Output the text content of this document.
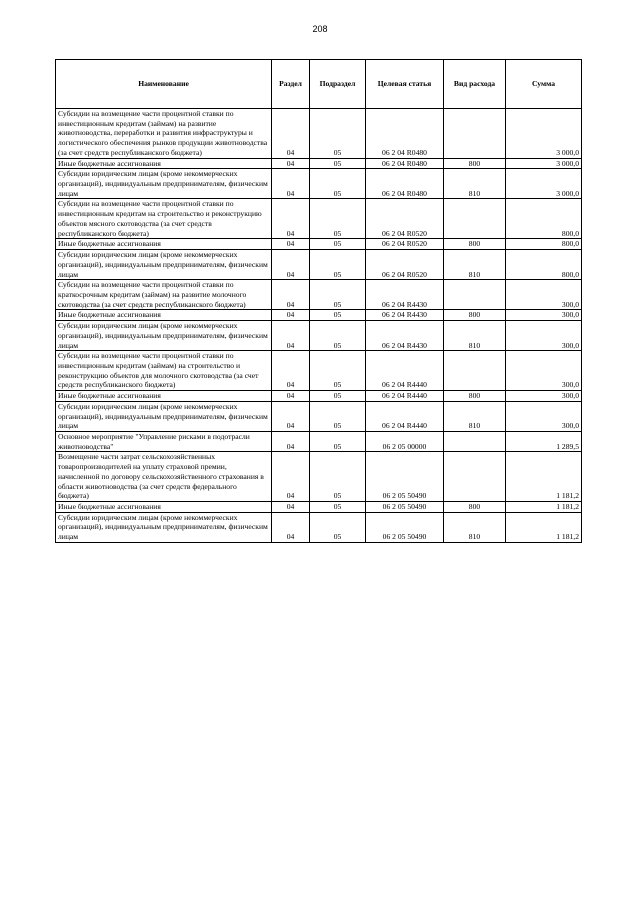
208
Наименование	Раздел	Подраздел	Целевая статья	Вид расхода	Сумма
Субсидии на возмещение части процентной ставки по инвестиционным кредитам (займам) на развитие животноводства, переработки и развития инфраструктуры и логистического обеспечения рынков продукции животноводства (за счет средств республиканского бюджета)	04	05	06 2 04 R0480		3 000,0
Иные бюджетные ассигнования	04	05	06 2 04 R0480	800	3 000,0
Субсидии юридическим лицам (кроме некоммерческих организаций), индивидуальным предпринимателям, физическим лицам	04	05	06 2 04 R0480	810	3 000,0
Субсидии на возмещение части процентной ставки по инвестиционным кредитам на строительство и реконструкцию объектов мясного скотоводства (за счет средств республиканского бюджета)	04	05	06 2 04 R0520		800,0
Иные бюджетные ассигнования	04	05	06 2 04 R0520	800	800,0
Субсидии юридическим лицам (кроме некоммерческих организаций), индивидуальным предпринимателям, физическим лицам	04	05	06 2 04 R0520	810	800,0
Субсидии на возмещение части процентной ставки по краткосрочным кредитам (займам) на развитие молочного скотоводства (за счет средств республиканского бюджета)	04	05	06 2 04 R4430		300,0
Иные бюджетные ассигнования	04	05	06 2 04 R4430	800	300,0
Субсидии юридическим лицам (кроме некоммерческих организаций), индивидуальным предпринимателям, физическим лицам	04	05	06 2 04 R4430	810	300,0
Субсидии на возмещение части процентной ставки по инвестиционным кредитам (займам) на строительство и реконструкцию объектов для молочного скотоводства (за счет средств республиканского бюджета)	04	05	06 2 04 R4440		300,0
Иные бюджетные ассигнования	04	05	06 2 04 R4440	800	300,0
Субсидии юридическим лицам (кроме некоммерческих организаций), индивидуальным предпринимателям, физическим лицам	04	05	06 2 04 R4440	810	300,0
Основное мероприятие "Управление рисками в подотрасли животноводства"	04	05	06 2 05 00000		1 289,5
Возмещение части затрат сельскохозяйственных товаропроизводителей на уплату страховой премии, начисленной по договору сельскохозяйственного страхования в области животноводства (за счет средств федерального бюджета)	04	05	06 2 05 50490		1 181,2
Иные бюджетные ассигнования	04	05	06 2 05 50490	800	1 181,2
Субсидии юридическим лицам (кроме некоммерческих организаций), индивидуальным предпринимателям, физическим лицам	04	05	06 2 05 50490	810	1 181,2
